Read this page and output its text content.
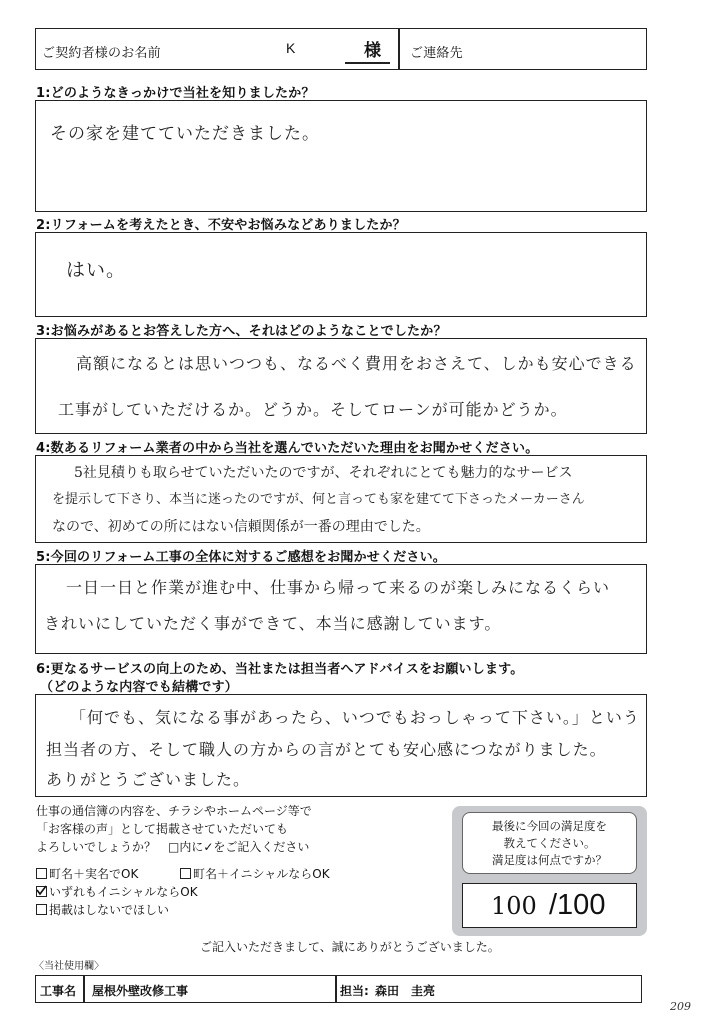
ご契約者様のお名前	K	様 ご連絡先
1:どのようなきっかけで当社を知りましたか？
その家を建てていただきました。
2:リフォームを考えたとき、不安やお悩みなどありましたか？
はい。
3:お悩みがあるとお答えした方へ、それはどのようなことでしたか？
高額になるとは思いつつも、なるべく費用をおさえて、しかも安心できる
工事がしていただけるか。どうか。そしてローンが可能かどうか。
4:数あるリフォーム業者の中から当社を選んでいただいた理由をお聞かせください。
5社見積りも取らせていただいたのですが、それぞれにとても魅力的なサービス
を提示して下さり、本当に迷ったのですが、何と言っても家を建てて下さったメーカーさん
なので、初めての所にはない信頼関係が一番の理由でした。
5:今回のリフォーム工事の全体に対するご感想をお聞かせください。
一日一日と作業が進む中、仕事から帰って来るのが楽しみになるくらい
きれいにしていただく事ができて、本当に感謝しています。
6:更なるサービスの向上のため、当社または担当者へアドバイスをお願いします。
（どのような内容でも結構です）
「何でも、気になる事があったら、いつでもおっしゃって下さい。」という
担当者の方、そして職人の方からの言がとても安心感につながりました。
ありがとうございました。
仕事の通信簿の内容を、チラシやホームページ等で
「お客様の声」として掲載させていただいても
よろしいでしょうか？　□内に✓をご記入ください
町名＋実名でOK	町名＋イニシャルならOK
いずれもイニシャルならOK
掲載はしないでほしい
最後に今回の満足度を
教えてください。
満足度は何点ですか？
100 /100
ご記入いただきまして、誠にありがとうございました。
〈当社使用欄〉
工事名 屋根外壁改修工事	担当: 森田　圭亮
209
